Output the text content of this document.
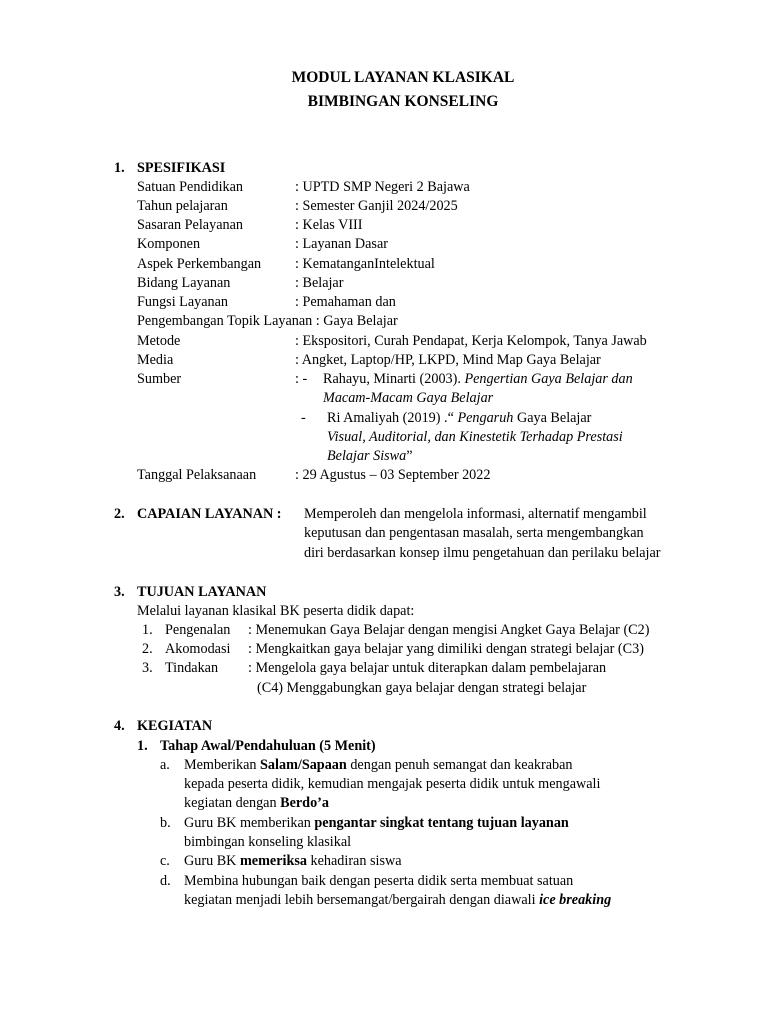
MODUL LAYANAN KLASIKAL
BIMBINGAN KONSELING
1. SPESIFIKASI
Satuan Pendidikan	: UPTD SMP Negeri 2 Bajawa
Tahun pelajaran	: Semester Ganjil 2024/2025
Sasaran Pelayanan	: Kelas VIII
Komponen	: Layanan Dasar
Aspek Perkembangan : KematanganIntelektual
Bidang Layanan	: Belajar
Fungsi Layanan	: Pemahaman dan
Pengembangan Topik Layanan : Gaya Belajar
Metode	: Ekspositori, Curah Pendapat, Kerja Kelompok, Tanya Jawab
Media	: Angket, Laptop/HP, LKPD, Mind Map Gaya Belajar
Sumber	: - Rahayu, Minarti (2003). Pengertian Gaya Belajar dan
Macam-Macam Gaya Belajar
- Ri Amaliyah (2019) .“ Pengaruh Gaya Belajar
Visual, Auditorial, dan Kinestetik Terhadap Prestasi
Belajar Siswa”
Tanggal Pelaksanaan	: 29 Agustus – 03 September 2022
2. CAPAIAN LAYANAN : Memperoleh dan mengelola informasi, alternatif mengambil
keputusan dan pengentasan masalah, serta mengembangkan
diri berdasarkan konsep ilmu pengetahuan dan perilaku belajar
3. TUJUAN LAYANAN
Melalui layanan klasikal BK peserta didik dapat:
1. Pengenalan : Menemukan Gaya Belajar dengan mengisi Angket Gaya Belajar (C2)
2. Akomodasi : Mengkaitkan gaya belajar yang dimiliki dengan strategi belajar (C3)
3. Tindakan : Mengelola gaya belajar untuk diterapkan dalam pembelajaran
(C4) Menggabungkan gaya belajar dengan strategi belajar
4. KEGIATAN
1. Tahap Awal/Pendahuluan (5 Menit)
a. Memberikan Salam/Sapaan dengan penuh semangat dan keakraban
kepada peserta didik, kemudian mengajak peserta didik untuk mengawali
kegiatan dengan Berdo’a
b. Guru BK memberikan pengantar singkat tentang tujuan layanan
bimbingan konseling klasikal
c. Guru BK memeriksa kehadiran siswa
d. Membina hubungan baik dengan peserta didik serta membuat satuan
kegiatan menjadi lebih bersemangat/bergairah dengan diawali ice breaking
